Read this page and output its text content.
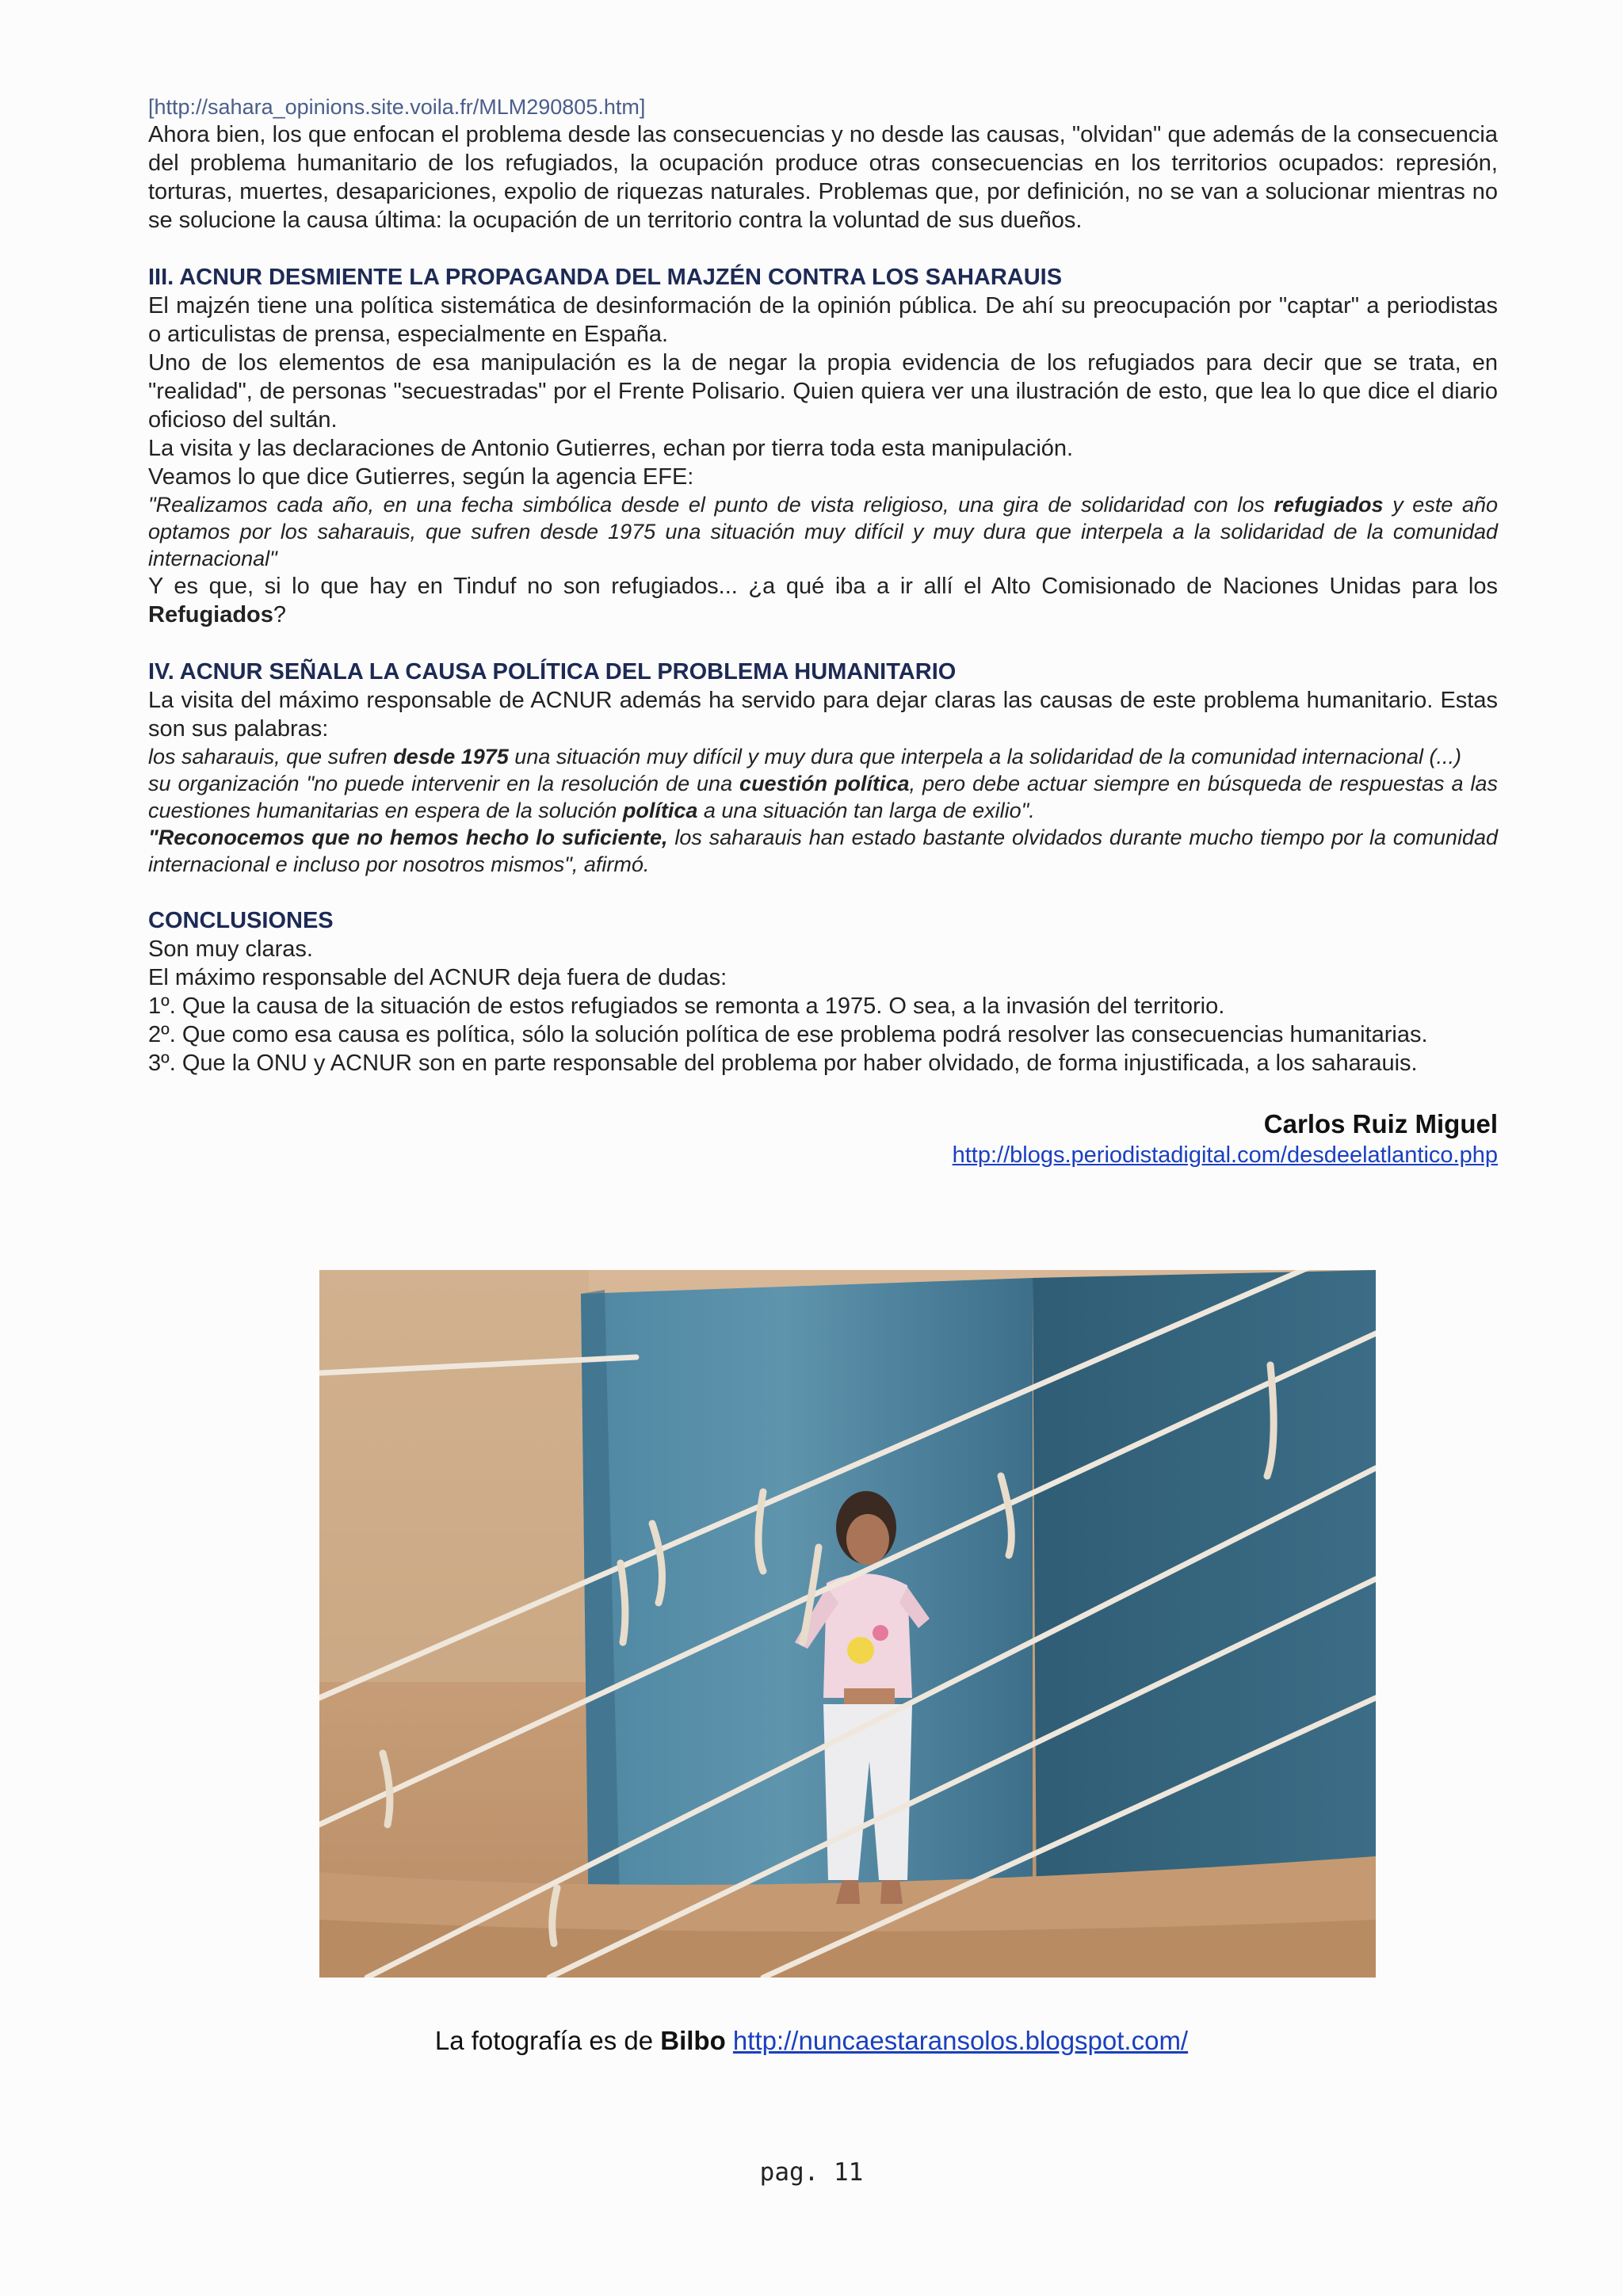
[http://sahara_opinions.site.voila.fr/MLM290805.htm]

Ahora bien, los que enfocan el problema desde las consecuencias y no desde las causas, "olvidan" que además de la consecuencia del problema humanitario de los refugiados, la ocupación produce otras consecuencias en los territorios ocupados: represión, torturas, muertes, desapariciones, expolio de riquezas naturales. Problemas que, por definición, no se van a solucionar mientras no se solucione la causa última: la ocupación de un territorio contra la voluntad de sus dueños.

III. ACNUR DESMIENTE LA PROPAGANDA DEL MAJZÉN CONTRA LOS SAHARAUIS

El majzén tiene una política sistemática de desinformación de la opinión pública. De ahí su preocupación por "captar" a periodistas o articulistas de prensa, especialmente en España.

Uno de los elementos de esa manipulación es la de negar la propia evidencia de los refugiados para decir que se trata, en "realidad", de personas "secuestradas" por el Frente Polisario. Quien quiera ver una ilustración de esto, que lea lo que dice el diario oficioso del sultán.

La visita y las declaraciones de Antonio Gutierres, echan por tierra toda esta manipulación.

Veamos lo que dice Gutierres, según la agencia EFE:

"Realizamos cada año, en una fecha simbólica desde el punto de vista religioso, una gira de solidaridad con los refugiados y este año optamos por los saharauis, que sufren desde 1975 una situación muy difícil y muy dura que interpela a la solidaridad de la comunidad internacional"

Y es que, si lo que hay en Tinduf no son refugiados... ¿a qué iba a ir allí el Alto Comisionado de Naciones Unidas para los Refugiados?

IV. ACNUR SEÑALA LA CAUSA POLÍTICA DEL PROBLEMA HUMANITARIO

La visita del máximo responsable de ACNUR además ha servido para dejar claras las causas de este problema humanitario. Estas son sus palabras:

los saharauis, que sufren desde 1975 una situación muy difícil y muy dura que interpela a la solidaridad de la comunidad internacional (...)

su organización "no puede intervenir en la resolución de una cuestión política, pero debe actuar siempre en búsqueda de respuestas a las cuestiones humanitarias en espera de la solución política a una situación tan larga de exilio".

"Reconocemos que no hemos hecho lo suficiente, los saharauis han estado bastante olvidados durante mucho tiempo por la comunidad internacional e incluso por nosotros mismos", afirmó.

CONCLUSIONES

Son muy claras.

El máximo responsable del ACNUR deja fuera de dudas:

1º. Que la causa de la situación de estos refugiados se remonta a 1975. O sea, a la invasión del territorio.

2º. Que como esa causa es política, sólo la solución política de ese problema podrá resolver las consecuencias humanitarias.

3º. Que la ONU y ACNUR son en parte responsable del problema por haber olvidado, de forma injustificada, a los saharauis.

Carlos Ruiz Miguel
http://blogs.periodistadigital.com/desdeelatlantico.php
La fotografía es de Bilbo http://nuncaestaransolos.blogspot.com/
pag. 11
